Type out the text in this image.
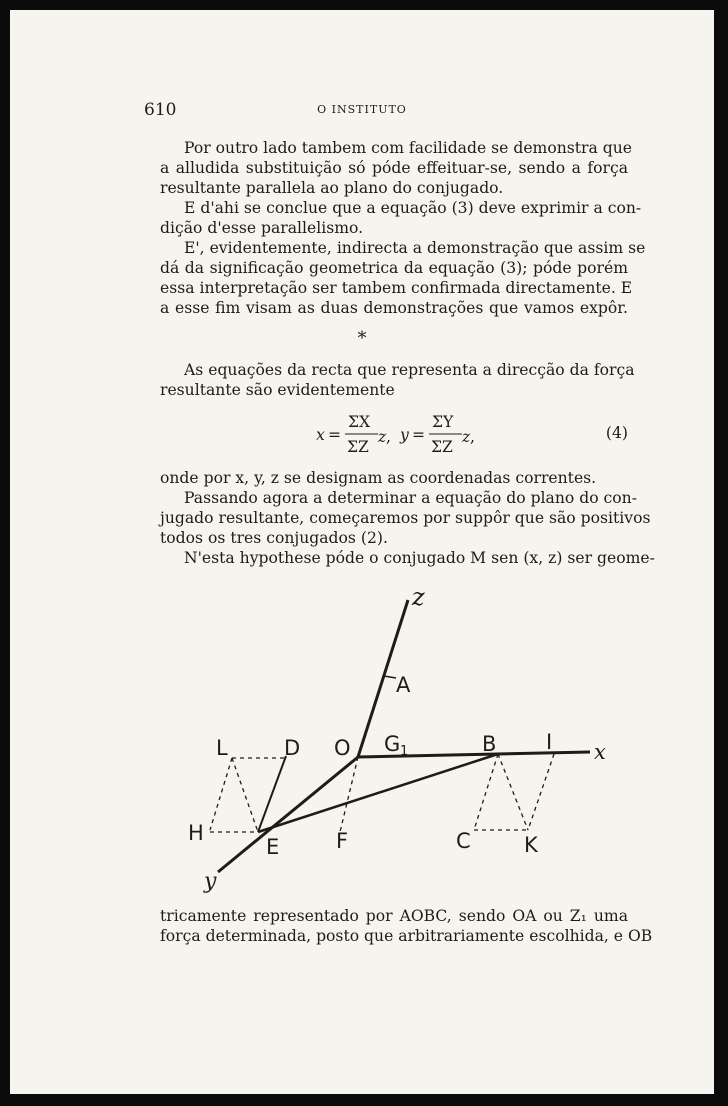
610	O INSTITUTO
Por outro lado tambem com facilidade se demonstra que
a alludida substituição só póde effeituar-se, sendo a força
resultante parallela ao plano do conjugado.
E d'ahi se conclue que a equação (3) deve exprimir a con-
dição d'esse parallelismo.
E', evidentemente, indirecta a demonstração que assim se
dá da significação geometrica da equação (3); póde porém
essa interpretação ser tambem confirmada directamente. E
a esse fim visam as duas demonstrações que vamos expôr.
*
As equações da recta que representa a direcção da força
resultante são evidentemente
x =
ΣX
ΣZ
z , y =
ΣY
ΣZ
z ,	(4)
onde por x, y, z se designam as coordenadas correntes.
Passando agora a determinar a equação do plano do con-
jugado resultante, começaremos por suppôr que são positivos
todos os tres conjugados (2).
N'esta hypothese póde o conjugado M sen (x, z) ser geome-
z
A
L	D O G 1	B I x
H
E	F	C	K
y
tricamente representado por AOBC, sendo OA ou Z₁ uma
força determinada, posto que arbitrariamente escolhida, e OB
